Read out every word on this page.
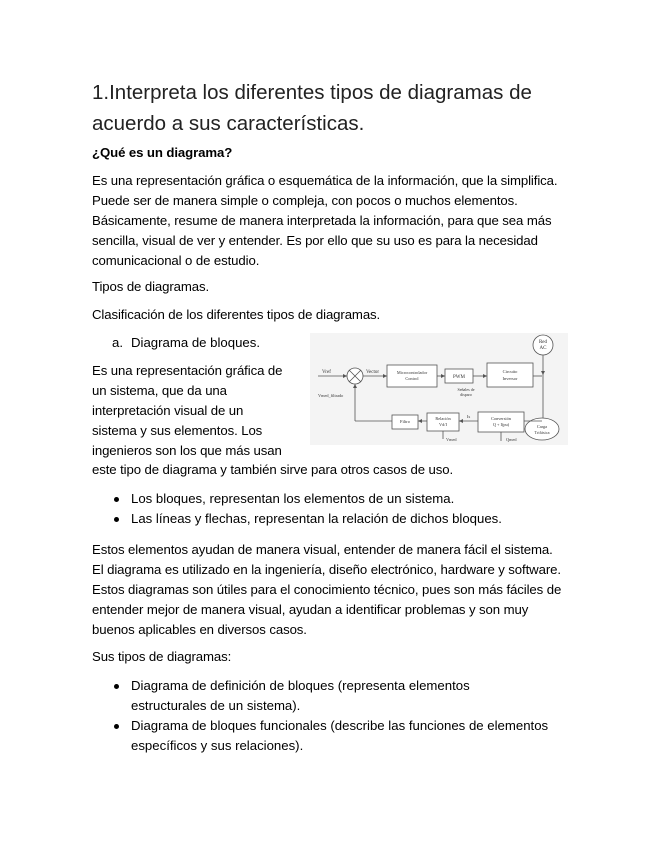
1.Interpreta los diferentes tipos de diagramas de acuerdo a sus características.
¿Qué es un diagrama?
Es una representación gráfica o esquemática de la información, que la simplifica. Puede ser de manera simple o compleja, con pocos o muchos elementos. Básicamente, resume de manera interpretada la información, para que sea más sencilla, visual de ver y entender. Es por ello que su uso es para la necesidad comunicacional o de estudio.
Tipos de diagramas.
Clasificación de los diferentes tipos de diagramas.
a. Diagrama de bloques.
Es una representación gráfica de
un sistema, que da una
interpretación visual de un
sistema y sus elementos. Los
ingenieros son los que más usan
este tipo de diagrama y también sirve para otros casos de uso.
Red
AC
Vref	Vector	Microcontrolador
Control	PWM
Señales de
disparo
Circuito
Inversor
Vmed_filtrado
Filtro
Relación
Vd/I
Is	Conversión
Q + I(pu)	Carga
Trifásica
Vmed	Qmed
Los bloques, representan los elementos de un sistema.
Las líneas y flechas, representan la relación de dichos bloques.
Estos elementos ayudan de manera visual, entender de manera fácil el sistema. El diagrama es utilizado en la ingeniería, diseño electrónico, hardware y software. Estos diagramas son útiles para el conocimiento técnico, pues son más fáciles de entender mejor de manera visual, ayudan a identificar problemas y son muy buenos aplicables en diversos casos.
Sus tipos de diagramas:
Diagrama de definición de bloques (representa elementos estructurales de un sistema).
Diagrama de bloques funcionales (describe las funciones de elementos específicos y sus relaciones).
